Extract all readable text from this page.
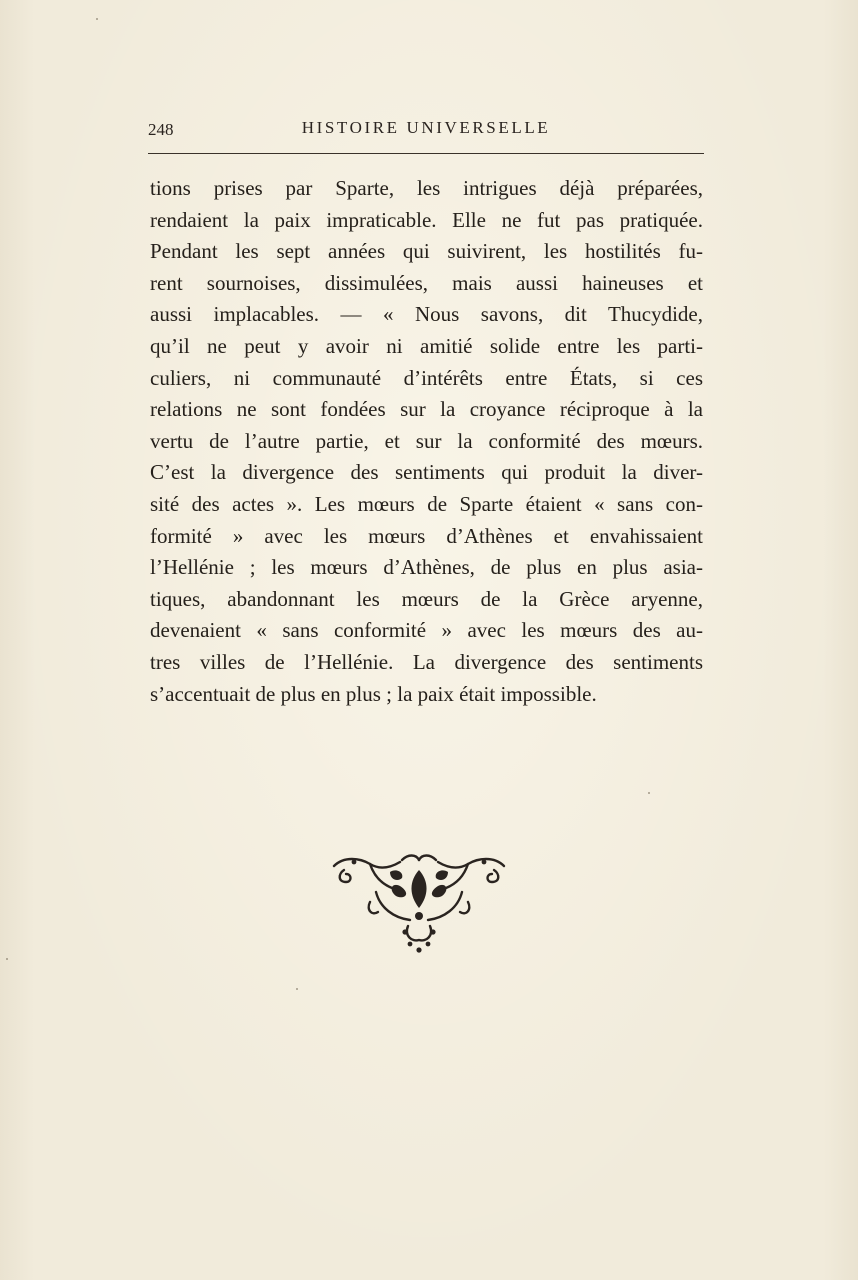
248	HISTOIRE UNIVERSELLE
tions prises par Sparte, les intrigues déjà préparées,
rendaient la paix impraticable. Elle ne fut pas pratiquée.
Pendant les sept années qui suivirent, les hostilités fu-
rent sournoises, dissimulées, mais aussi haineuses et
aussi implacables. — « Nous savons, dit Thucydide,
qu’il ne peut y avoir ni amitié solide entre les parti-
culiers, ni communauté d’intérêts entre États, si ces
relations ne sont fondées sur la croyance réciproque à la
vertu de l’autre partie, et sur la conformité des mœurs.
C’est la divergence des sentiments qui produit la diver-
sité des actes ». Les mœurs de Sparte étaient « sans con-
formité » avec les mœurs d’Athènes et envahissaient
l’Hellénie ; les mœurs d’Athènes, de plus en plus asia-
tiques, abandonnant les mœurs de la Grèce aryenne,
devenaient « sans conformité » avec les mœurs des au-
tres villes de l’Hellénie. La divergence des sentiments
s’accentuait de plus en plus ; la paix était impossible.
